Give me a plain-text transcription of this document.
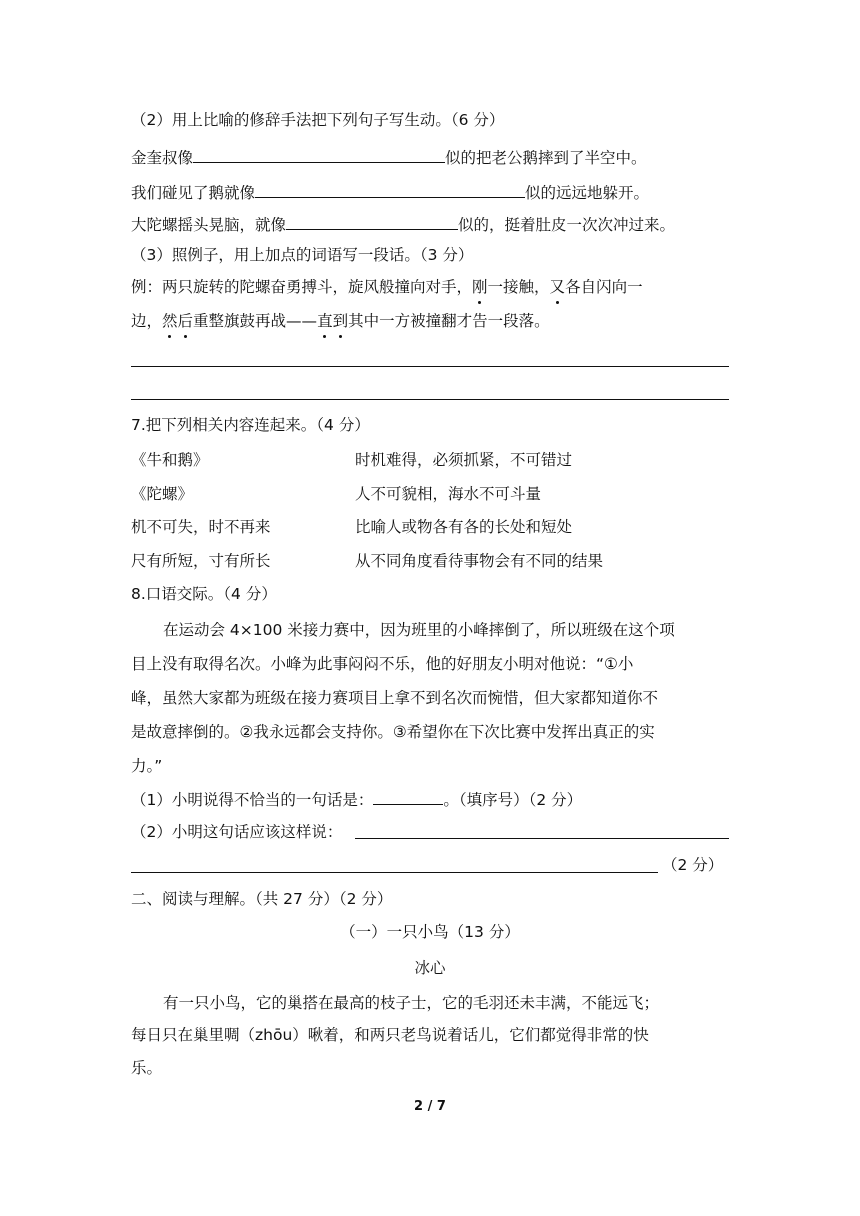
（2）用上比喻的修辞手法把下列句子写生动。（6 分）
金奎叔像	似的把老公鹅摔到了半空中。
我们碰见了鹅就像	似的远远地躲开。
大陀螺摇头晃脑，就像	似的，挺着肚皮一次次冲过来。
（3）照例子，用上加点的词语写一段话。（3 分）
例：两只旋转的陀螺奋勇搏斗，旋风般撞向对手，刚一接触，又各自闪向一
边，然后重整旗鼓再战——直到其中一方被撞翻才告一段落。
7.把下列相关内容连起来。（4 分）
《牛和鹅》	时机难得，必须抓紧，不可错过
《陀螺》	人不可貌相，海水不可斗量
机不可失，时不再来	比喻人或物各有各的长处和短处
尺有所短，寸有所长	从不同角度看待事物会有不同的结果
8.口语交际。（4 分）
在运动会 4×100 米接力赛中，因为班里的小峰摔倒了，所以班级在这个项
目上没有取得名次。小峰为此事闷闷不乐，他的好朋友小明对他说：“①小
峰，虽然大家都为班级在接力赛项目上拿不到名次而惋惜，但大家都知道你不
是故意摔倒的。②我永远都会支持你。③希望你在下次比赛中发挥出真正的实
力。”
（1）小明说得不恰当的一句话是：	。（填序号）（2 分）
（2）小明这句话应该这样说：
（2 分）
二、阅读与理解。（共 27 分）（2 分）
（一）一只小鸟（13 分）
冰心
有一只小鸟，它的巢搭在最高的枝子士，它的毛羽还未丰满，不能远飞；
每日只在巢里啁（zhōu）啾着，和两只老鸟说着话儿，它们都觉得非常的快
乐。
2 / 7
